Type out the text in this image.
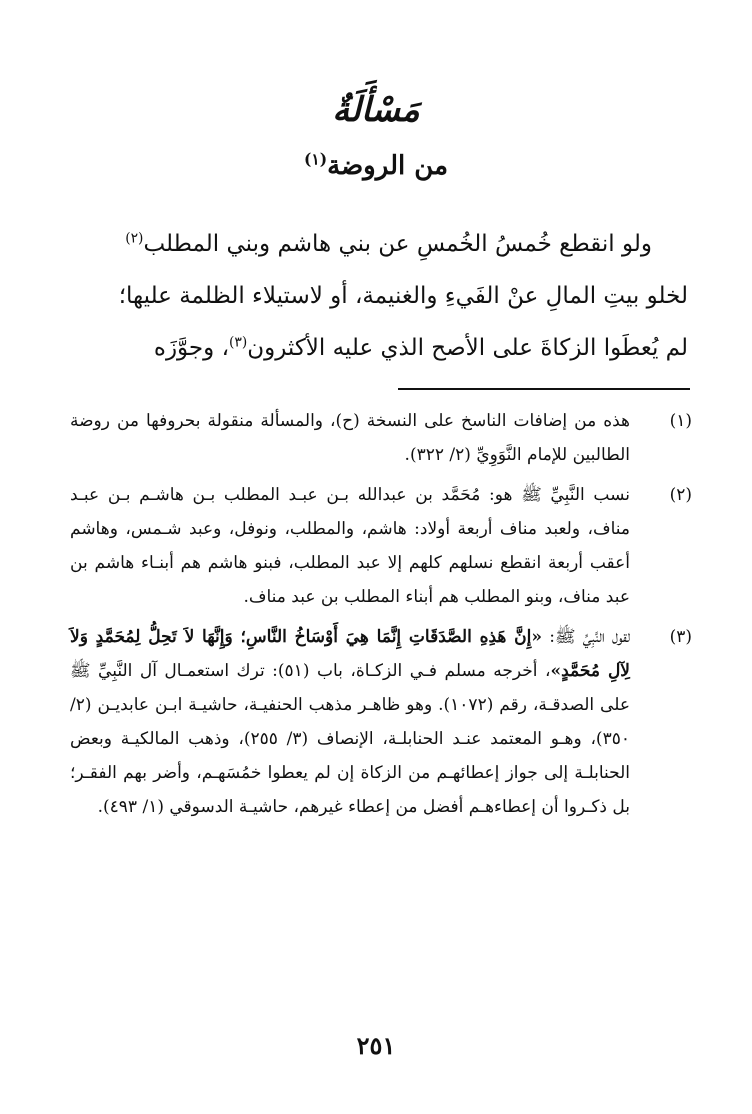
مَسْأَلَةٌ
من الروضة$^{(١)}$

ولو انقطع خُمسُ الخُمسِ عن بني هاشم وبني المطلب$^{(٢)}$

لخلو بيتِ المالِ عنْ الفَيءِ والغنيمة، أو لاستيلاء الظلمة عليها؛

لم يُعطَوا الزكاةَ على الأصح الذي عليه الأكثرون$^{(٣)}$، وجوَّزَه

(١)
هذه من إضافات الناسخ على النسخة (ح)، والمسألة منقولة بحروفها من روضة الطالبين للإمام النَّوَوِيِّ (٢/ ٣٢٢).
(٢)
نسب النَّبِيِّ ﷺ هو: مُحَمَّد بن عبدالله بـن عبـد المطلب بـن هاشـم بـن عبـد مناف، ولعبد مناف أربعة أولاد: هاشم، والمطلب، ونوفل، وعبد شـمس، وهاشم أعقب أربعة انقطع نسلهم كلهم إلا عبد المطلب، فبنو هاشم هم أبنـاء هاشم بن عبد مناف، وبنو المطلب هم أبناء المطلب بن عبد مناف.
(٣)
لقول النَّبِيِّ ﷺ: «إِنَّ هَذِهِ الصَّدَقَاتِ إِنَّمَا هِيَ أَوْسَاخُ النَّاسِ؛ وَإِنَّهَا لاَ تَحِلُّ لِمُحَمَّدٍ وَلاَ لِآلِ مُحَمَّدٍ»، أخرجه مسلم فـي الزكـاة، باب (٥١): ترك استعمـال آل النَّبِيِّ ﷺ على الصدقـة، رقم (١٠٧٢). وهو ظاهـر مذهب الحنفيـة، حاشيـة ابـن عابديـن (٢/ ٣٥٠)، وهـو المعتمد عنـد الحنابلـة، الإنصاف (٣/ ٢٥٥)، وذهب المالكيـة وبعض الحنابلـة إلى جواز إعطائهـم من الزكاة إن لم يعطوا خمُسَهـم، وأضر بهم الفقـر؛ بل ذكـروا أن إعطاءهـم أفضل من إعطاء غيرهم، حاشيـة الدسوقي (١/ ٤٩٣).
٢٥١
